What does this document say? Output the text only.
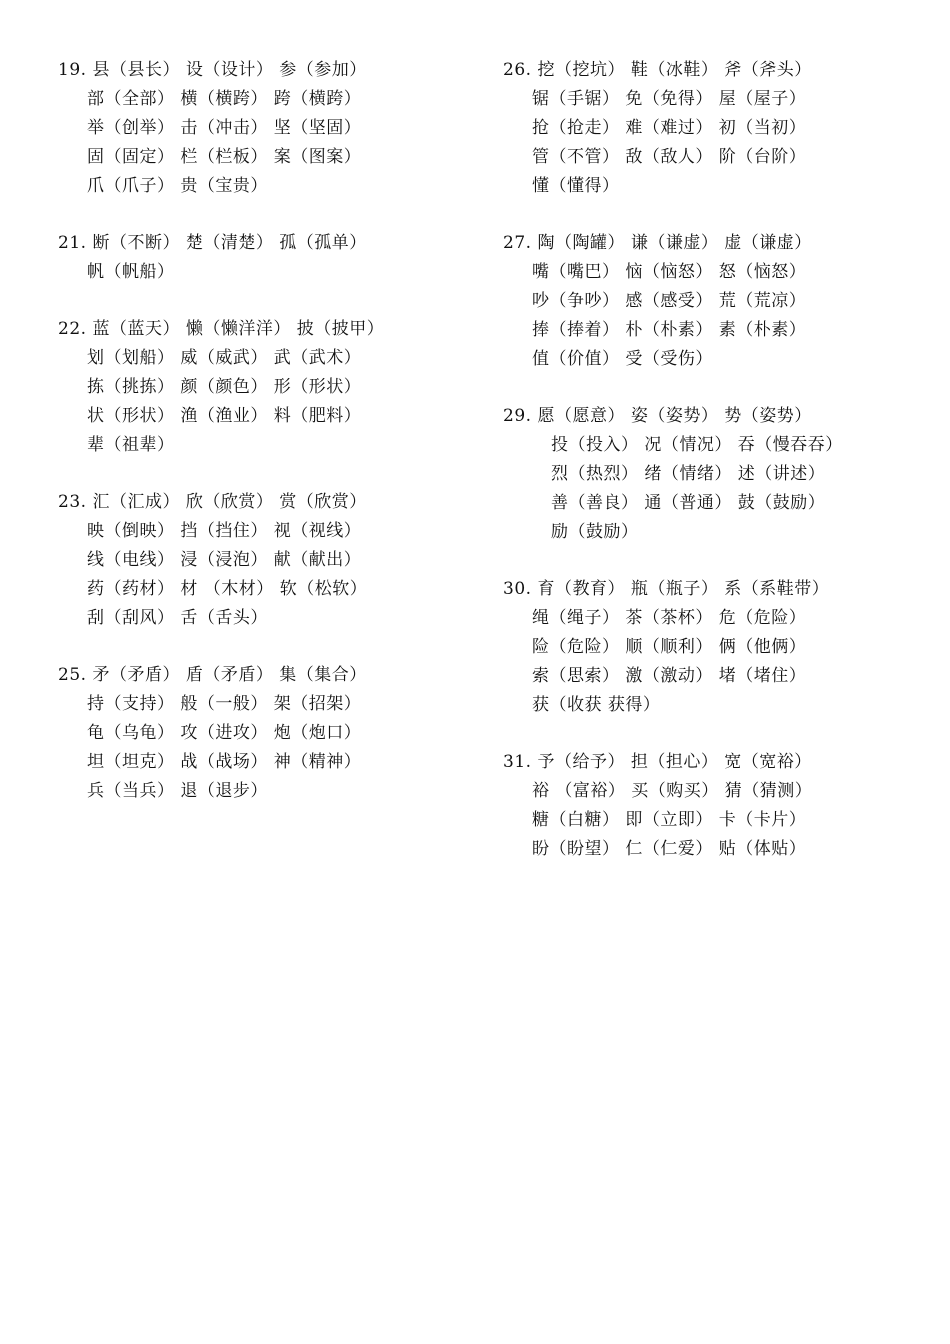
19. 县（县长） 设（设计） 参（参加）
部（全部） 横（横跨） 跨（横跨）
举（创举） 击（冲击） 坚（坚固）
固（固定） 栏（栏板） 案（图案）
爪（爪子） 贵（宝贵）
21. 断（不断） 楚（清楚） 孤（孤单）
帆（帆船）
22. 蓝（蓝天） 懒（懒洋洋） 披（披甲）
划（划船） 威（威武） 武（武术）
拣（挑拣） 颜（颜色） 形（形状）
状（形状） 渔（渔业） 料（肥料）
辈（祖辈）
23. 汇（汇成） 欣（欣赏） 赏（欣赏）
映（倒映） 挡（挡住） 视（视线）
线（电线） 浸（浸泡） 献（献出）
药（药材） 材 （木材） 软（松软）
刮（刮风） 舌（舌头）
25. 矛（矛盾） 盾（矛盾） 集（集合）
持（支持） 般（一般） 架（招架）
龟（乌龟） 攻（进攻） 炮（炮口）
坦（坦克） 战（战场） 神（精神）
兵（当兵） 退（退步）
26. 挖（挖坑） 鞋（冰鞋） 斧（斧头）
锯（手锯） 免（免得） 屋（屋子）
抢（抢走） 难（难过） 初（当初）
管（不管） 敌（敌人） 阶（台阶）
懂（懂得）
27. 陶（陶罐） 谦（谦虚） 虚（谦虚）
嘴（嘴巴） 恼（恼怒） 怒（恼怒）
吵（争吵） 感（感受） 荒（荒凉）
捧（捧着） 朴（朴素） 素（朴素）
值（价值） 受（受伤）
29. 愿（愿意） 姿（姿势） 势（姿势）
投（投入） 况（情况） 吞（慢吞吞）
烈（热烈） 绪（情绪） 述（讲述）
善（善良） 通（普通） 鼓（鼓励）
励（鼓励）
30. 育（教育） 瓶（瓶子） 系（系鞋带）
绳（绳子） 茶（茶杯） 危（危险）
险（危险） 顺（顺利） 俩（他俩）
索（思索） 激（激动） 堵（堵住）
获（收获 获得）
31. 予（给予） 担（担心） 宽（宽裕）
裕 （富裕） 买（购买） 猜（猜测）
糖（白糖） 即（立即） 卡（卡片）
盼（盼望） 仁（仁爱） 贴（体贴）
